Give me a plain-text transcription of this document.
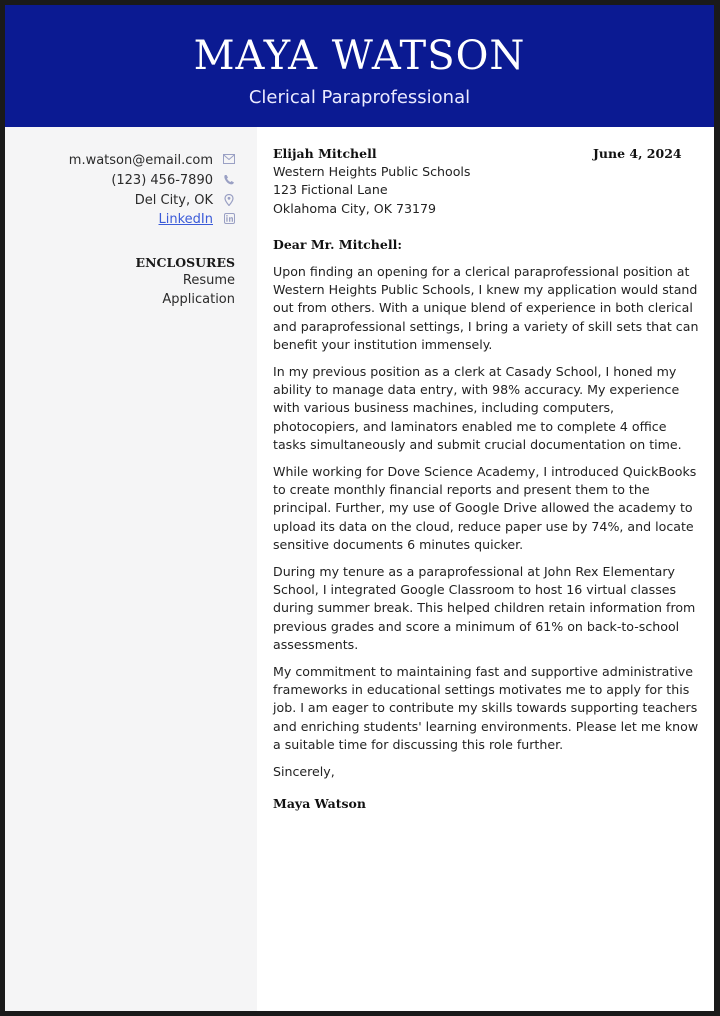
MAYA WATSON
Clerical Paraprofessional
m.watson@email.com
(123) 456-7890
Del City, OK
LinkedIn
ENCLOSURES
Resume
Application
June 4, 2024
Elijah Mitchell
Western Heights Public Schools
123 Fictional Lane
Oklahoma City, OK 73179
Dear Mr. Mitchell:

Upon finding an opening for a clerical paraprofessional position at Western Heights Public Schools, I knew my application would stand out from others. With a unique blend of experience in both clerical and paraprofessional settings, I bring a variety of skill sets that can benefit your institution immensely.

In my previous position as a clerk at Casady School, I honed my ability to manage data entry, with 98% accuracy. My experience with various business machines, including computers, photocopiers, and laminators enabled me to complete 4 office tasks simultaneously and submit crucial documentation on time.

While working for Dove Science Academy, I introduced QuickBooks to create monthly financial reports and present them to the principal. Further, my use of Google Drive allowed the academy to upload its data on the cloud, reduce paper use by 74%, and locate sensitive documents 6 minutes quicker.

During my tenure as a paraprofessional at John Rex Elementary School, I integrated Google Classroom to host 16 virtual classes during summer break. This helped children retain information from previous grades and score a minimum of 61% on back-to-school assessments.

My commitment to maintaining fast and supportive administrative frameworks in educational settings motivates me to apply for this job. I am eager to contribute my skills towards supporting teachers and enriching students' learning environments. Please let me know a suitable time for discussing this role further.

Sincerely,

Maya Watson
